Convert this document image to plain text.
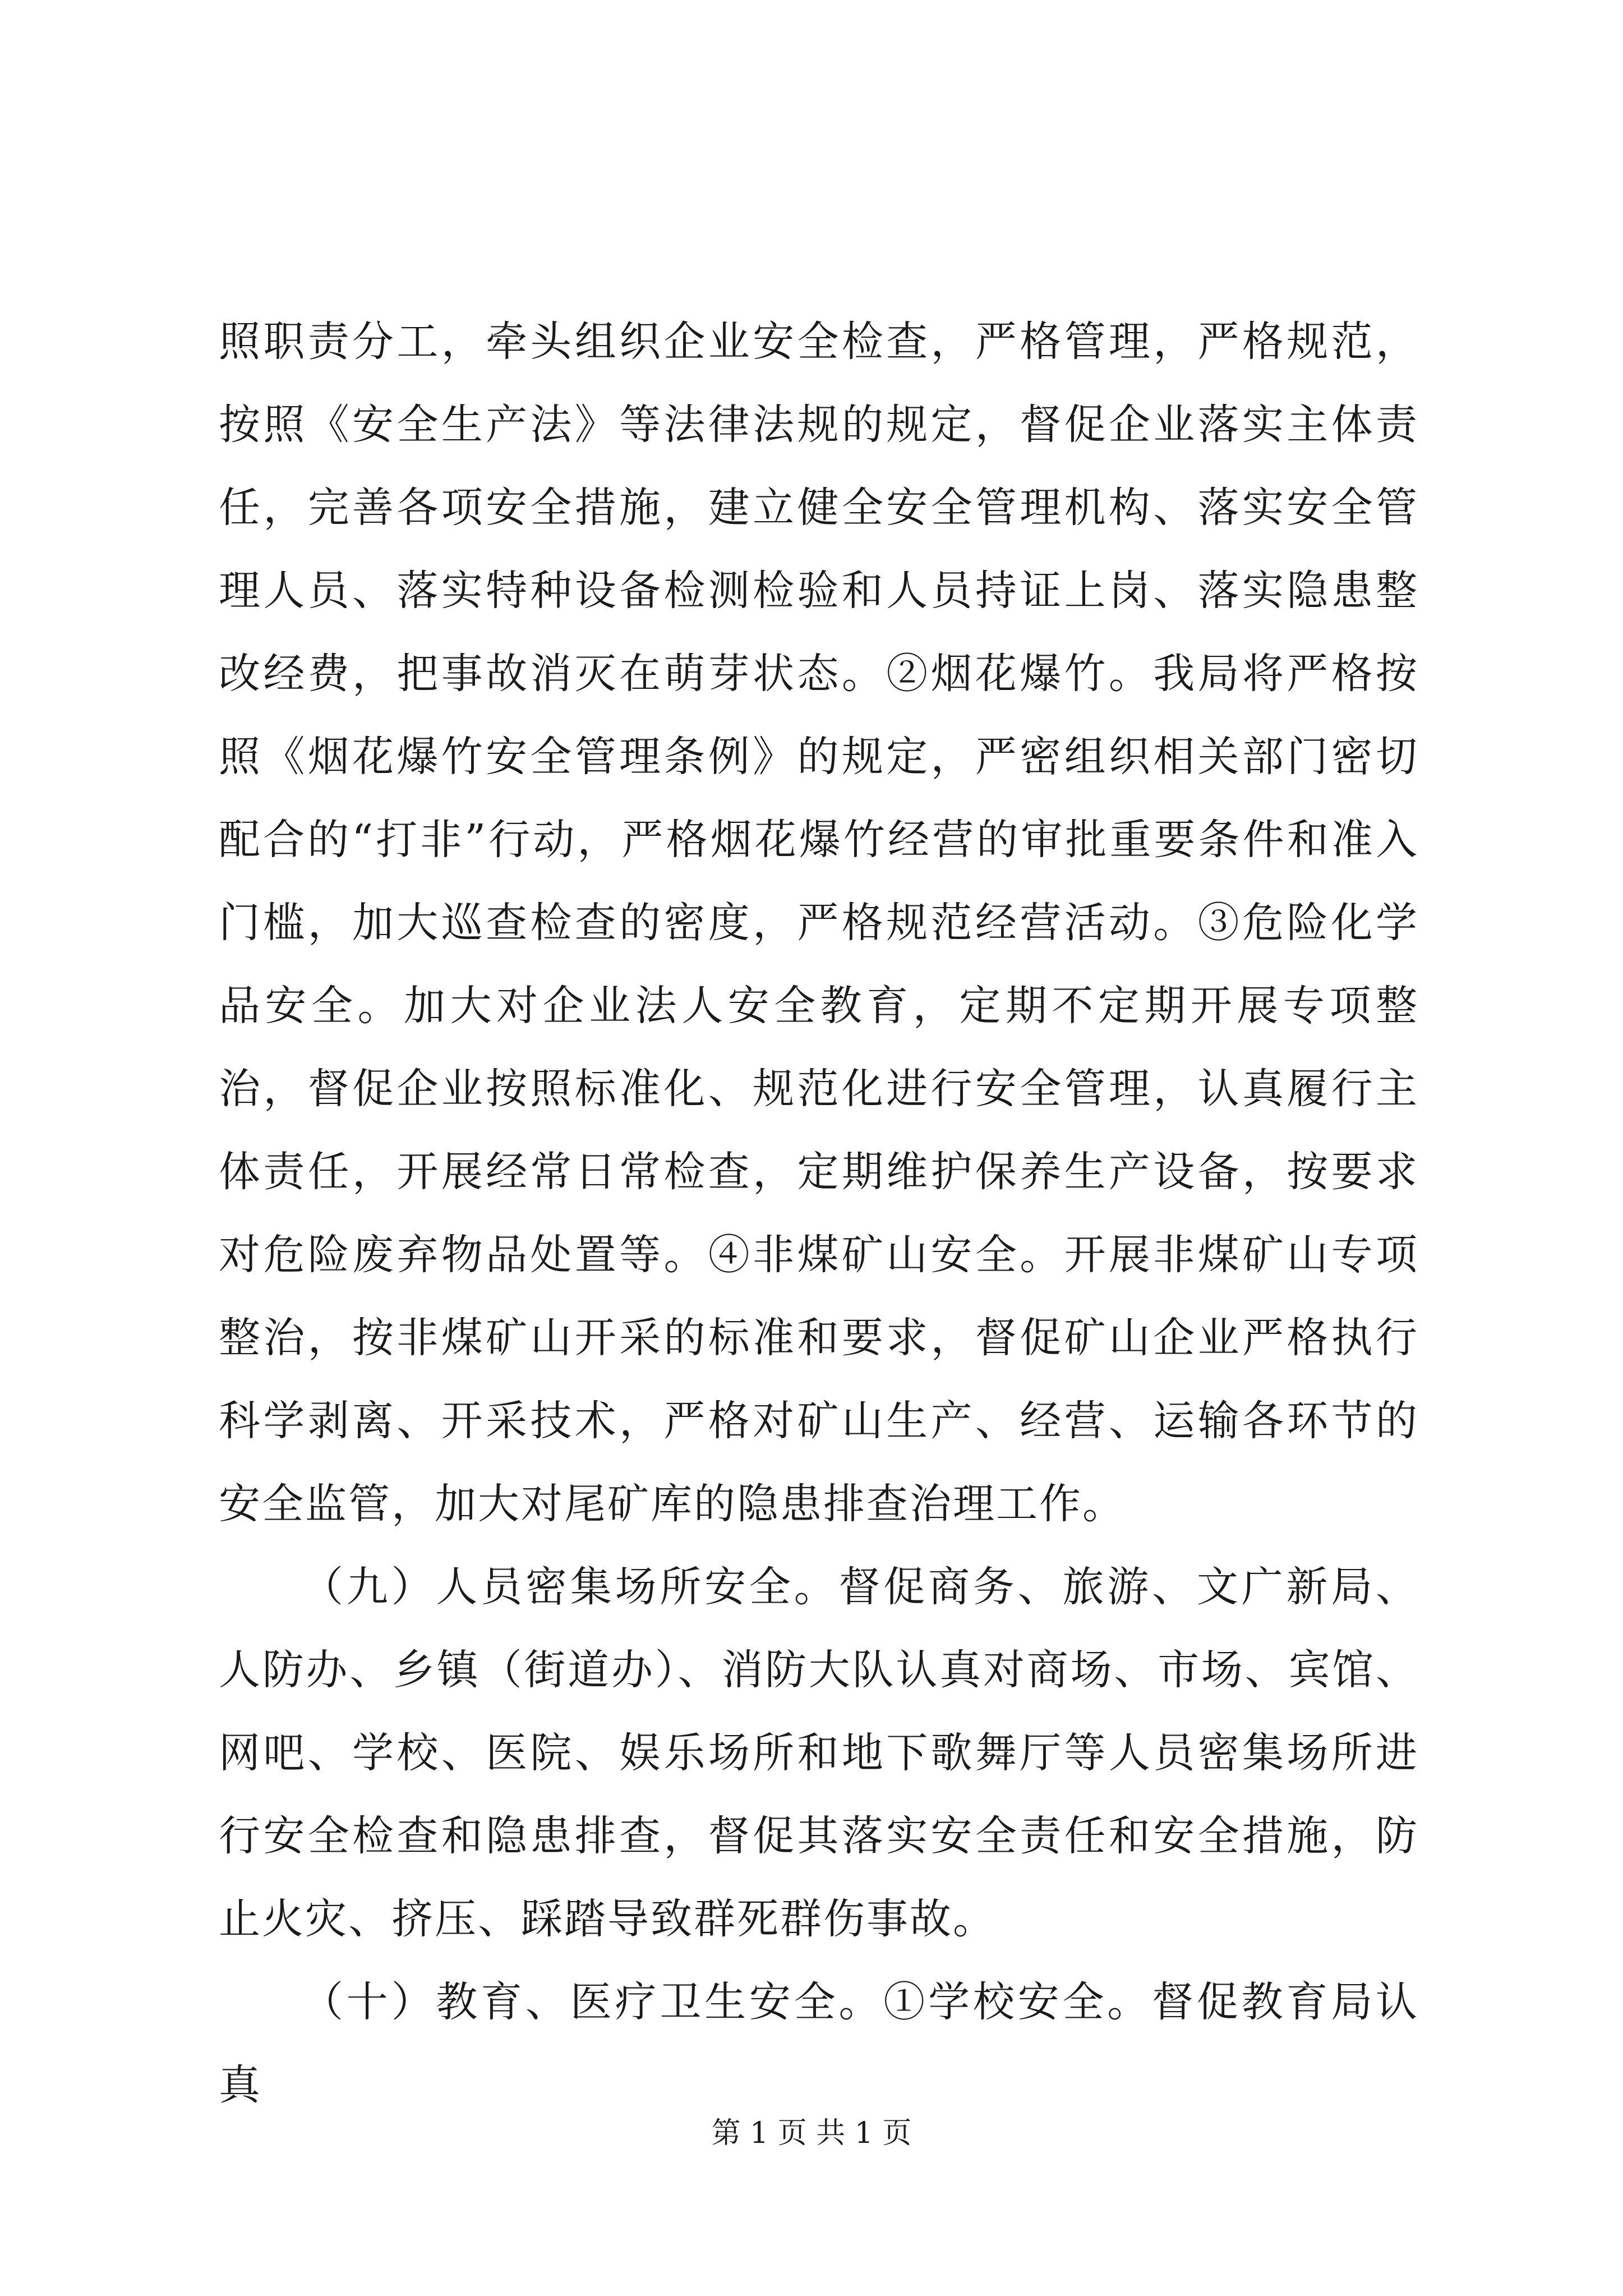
照职责分工，牵头组织企业安全检查，严格管理，严格规范，按照《安全生产法》等法律法规的规定，督促企业落实主体责任，完善各项安全措施，建立健全安全管理机构、落实安全管理人员、落实特种设备检测检验和人员持证上岗、落实隐患整改经费，把事故消灭在萌芽状态。②烟花爆竹。我局将严格按照《烟花爆竹安全管理条例》的规定，严密组织相关部门密切配合的“打非”行动，严格烟花爆竹经营的审批重要条件和准入门槛，加大巡查检查的密度，严格规范经营活动。③危险化学品安全。加大对企业法人安全教育，定期不定期开展专项整治，督促企业按照标准化、规范化进行安全管理，认真履行主体责任，开展经常日常检查，定期维护保养生产设备，按要求对危险废弃物品处置等。④非煤矿山安全。开展非煤矿山专项整治，按非煤矿山开采的标准和要求，督促矿山企业严格执行科学剥离、开采技术，严格对矿山生产、经营、运输各环节的安全监管，加大对尾矿库的隐患排查治理工作。

（九）人员密集场所安全。督促商务、旅游、文广新局、人防办、乡镇（街道办）、消防大队认真对商场、市场、宾馆、网吧、学校、医院、娱乐场所和地下歌舞厅等人员密集场所进行安全检查和隐患排查，督促其落实安全责任和安全措施，防止火灾、挤压、踩踏导致群死群伤事故。

（十）教育、医疗卫生安全。①学校安全。督促教育局认真

第 1 页 共 1 页
